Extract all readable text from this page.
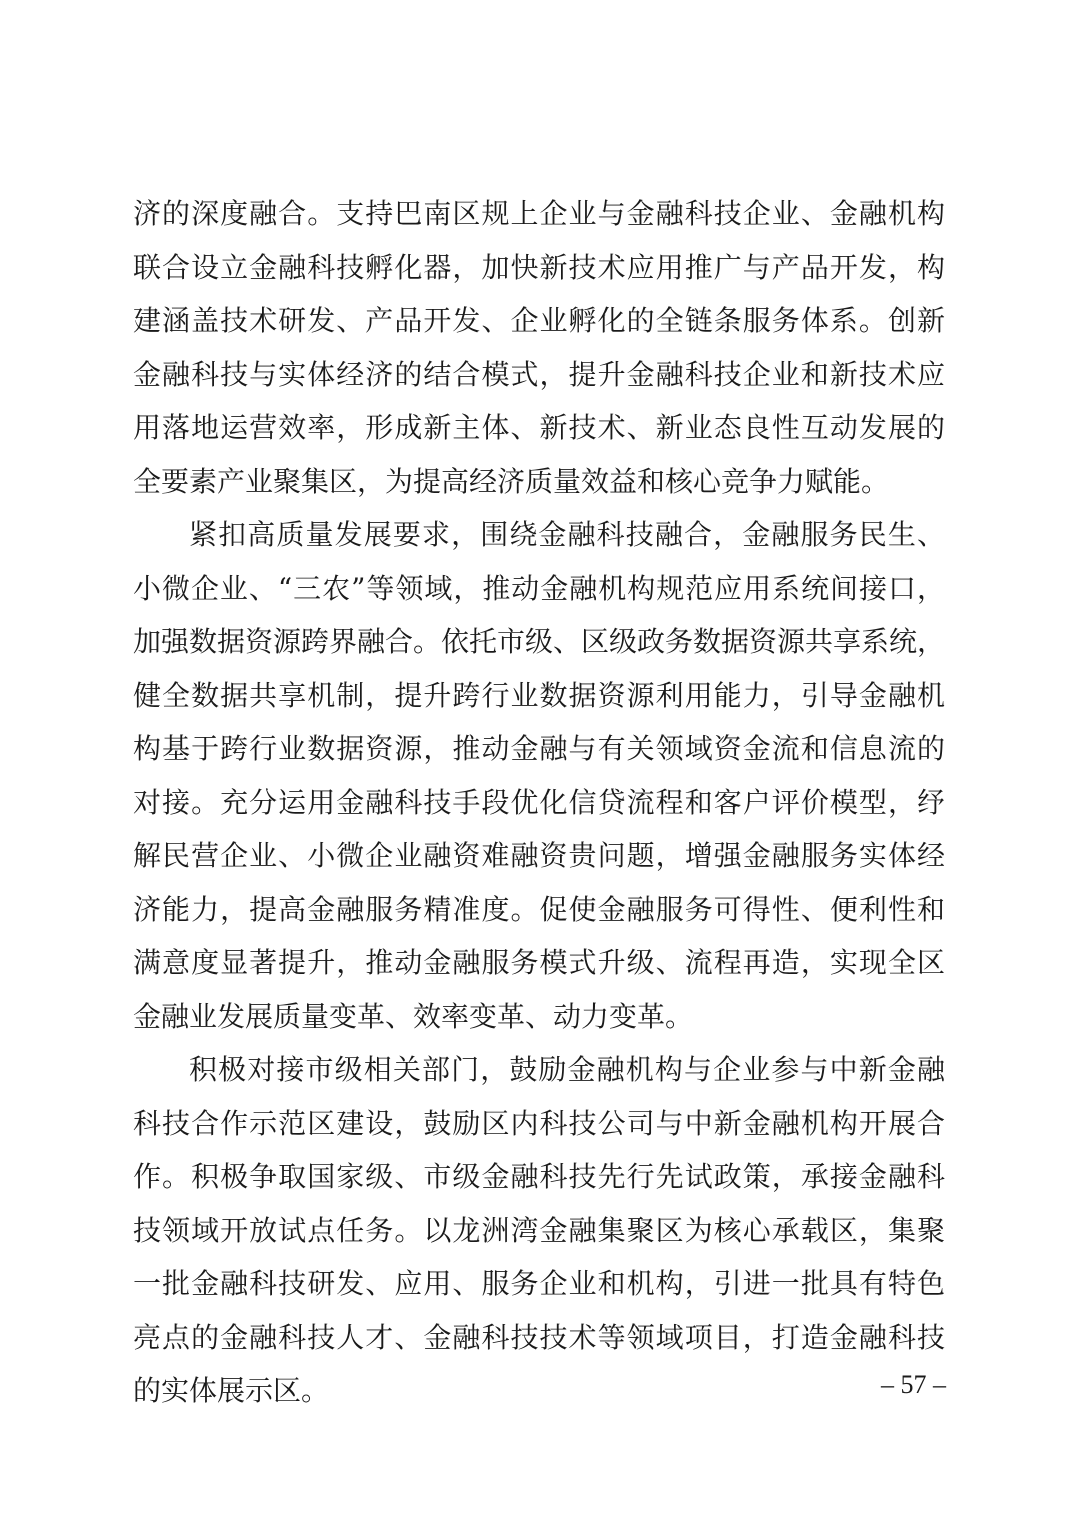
济的深度融合。支持巴南区规上企业与金融科技企业、金融机构
联合设立金融科技孵化器，加快新技术应用推广与产品开发，构
建涵盖技术研发、产品开发、企业孵化的全链条服务体系。创新
金融科技与实体经济的结合模式，提升金融科技企业和新技术应
用落地运营效率，形成新主体、新技术、新业态良性互动发展的
全要素产业聚集区，为提高经济质量效益和核心竞争力赋能。
紧扣高质量发展要求，围绕金融科技融合，金融服务民生、
小微企业、“三农”等领域，推动金融机构规范应用系统间接口，
加强数据资源跨界融合。依托市级、区级政务数据资源共享系统，
健全数据共享机制，提升跨行业数据资源利用能力，引导金融机
构基于跨行业数据资源，推动金融与有关领域资金流和信息流的
对接。充分运用金融科技手段优化信贷流程和客户评价模型，纾
解民营企业、小微企业融资难融资贵问题，增强金融服务实体经
济能力，提高金融服务精准度。促使金融服务可得性、便利性和
满意度显著提升，推动金融服务模式升级、流程再造，实现全区
金融业发展质量变革、效率变革、动力变革。
积极对接市级相关部门，鼓励金融机构与企业参与中新金融
科技合作示范区建设，鼓励区内科技公司与中新金融机构开展合
作。积极争取国家级、市级金融科技先行先试政策，承接金融科
技领域开放试点任务。以龙洲湾金融集聚区为核心承载区，集聚
一批金融科技研发、应用、服务企业和机构，引进一批具有特色
亮点的金融科技人才、金融科技技术等领域项目，打造金融科技
的实体展示区。	– 57 –
